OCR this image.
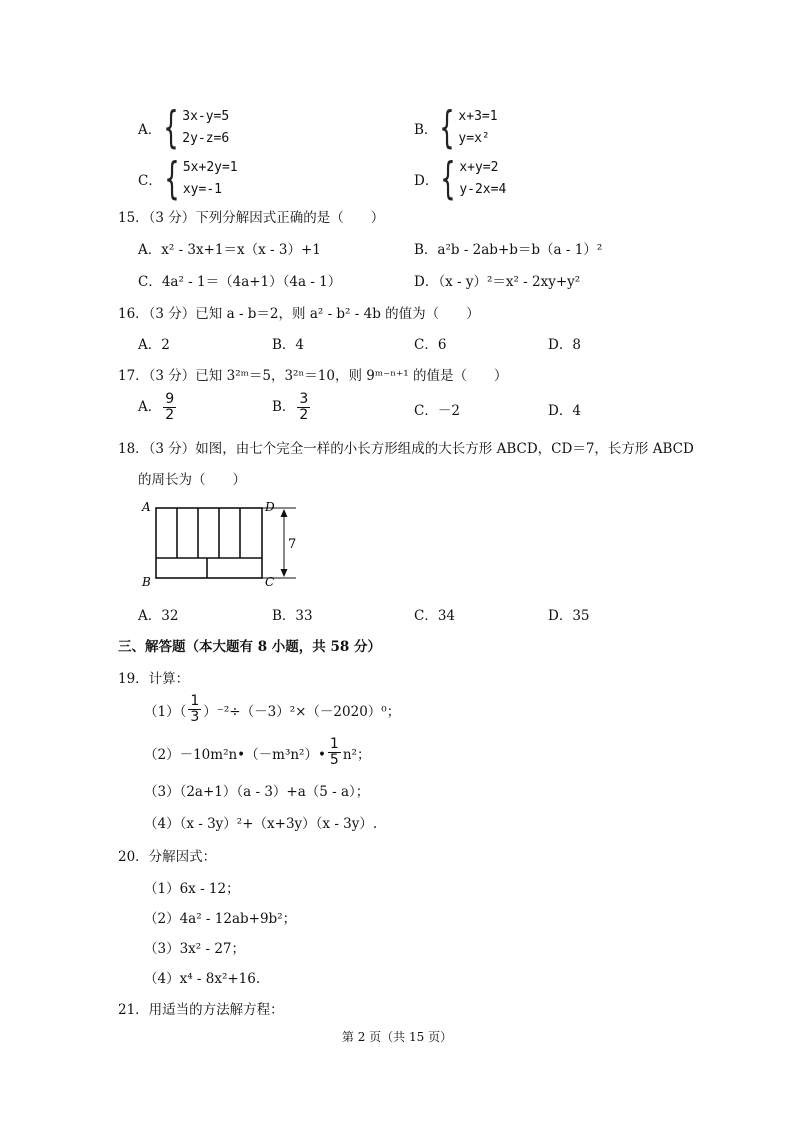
A． { 3x-y=5
2y-z=6
B． { x+3=1
y=x²
C． { 5x+2y=1
xy=-1
D． { x+y=2
y-2x=4
15．（3 分）下列分解因式正确的是（　　）
A．x² - 3x+1＝x（x - 3）+1	B．a²b - 2ab+b＝b（a - 1）²
C．4a² - 1＝（4a+1）（4a - 1）	D．（x - y）²＝x² - 2xy+y²
16．（3 分）已知 a - b＝2，则 a² - b² - 4b 的值为（　　）
A．2	B．4	C．6	D．8
17．（3 分）已知 3²ᵐ＝5，3²ⁿ＝10，则 9ᵐ⁻ⁿ⁺¹ 的值是（　　）
A． $\frac{9}{2}$	B． $\frac{3}{2}$	C．－2	D．4
18．（3 分）如图，由七个完全一样的小长方形组成的大长方形 ABCD，CD＝7，长方形 ABCD
的周长为（　　）
A
B	C
D
7
A．32	B．33	C．34	D．35
三、解答题（本大题有 8 小题，共 58 分）
19．计算：
$(1)( \frac{1}{3} )^{-2}\div(-3)^2\times(-2020)^0$；
（2）－10m²n•（－m³n²）• $\frac{1}{5} n^2$；
（3）（2a+1）（a - 3）+a（5 - a）；
（4）（x - 3y）²+（x+3y）（x - 3y）.
20．分解因式：
（1）6x - 12；
（2）4a² - 12ab+9b²；
（3）3x² - 27；
（4）x⁴ - 8x²+16.
21．用适当的方法解方程：
第 2 页（共 15 页）
